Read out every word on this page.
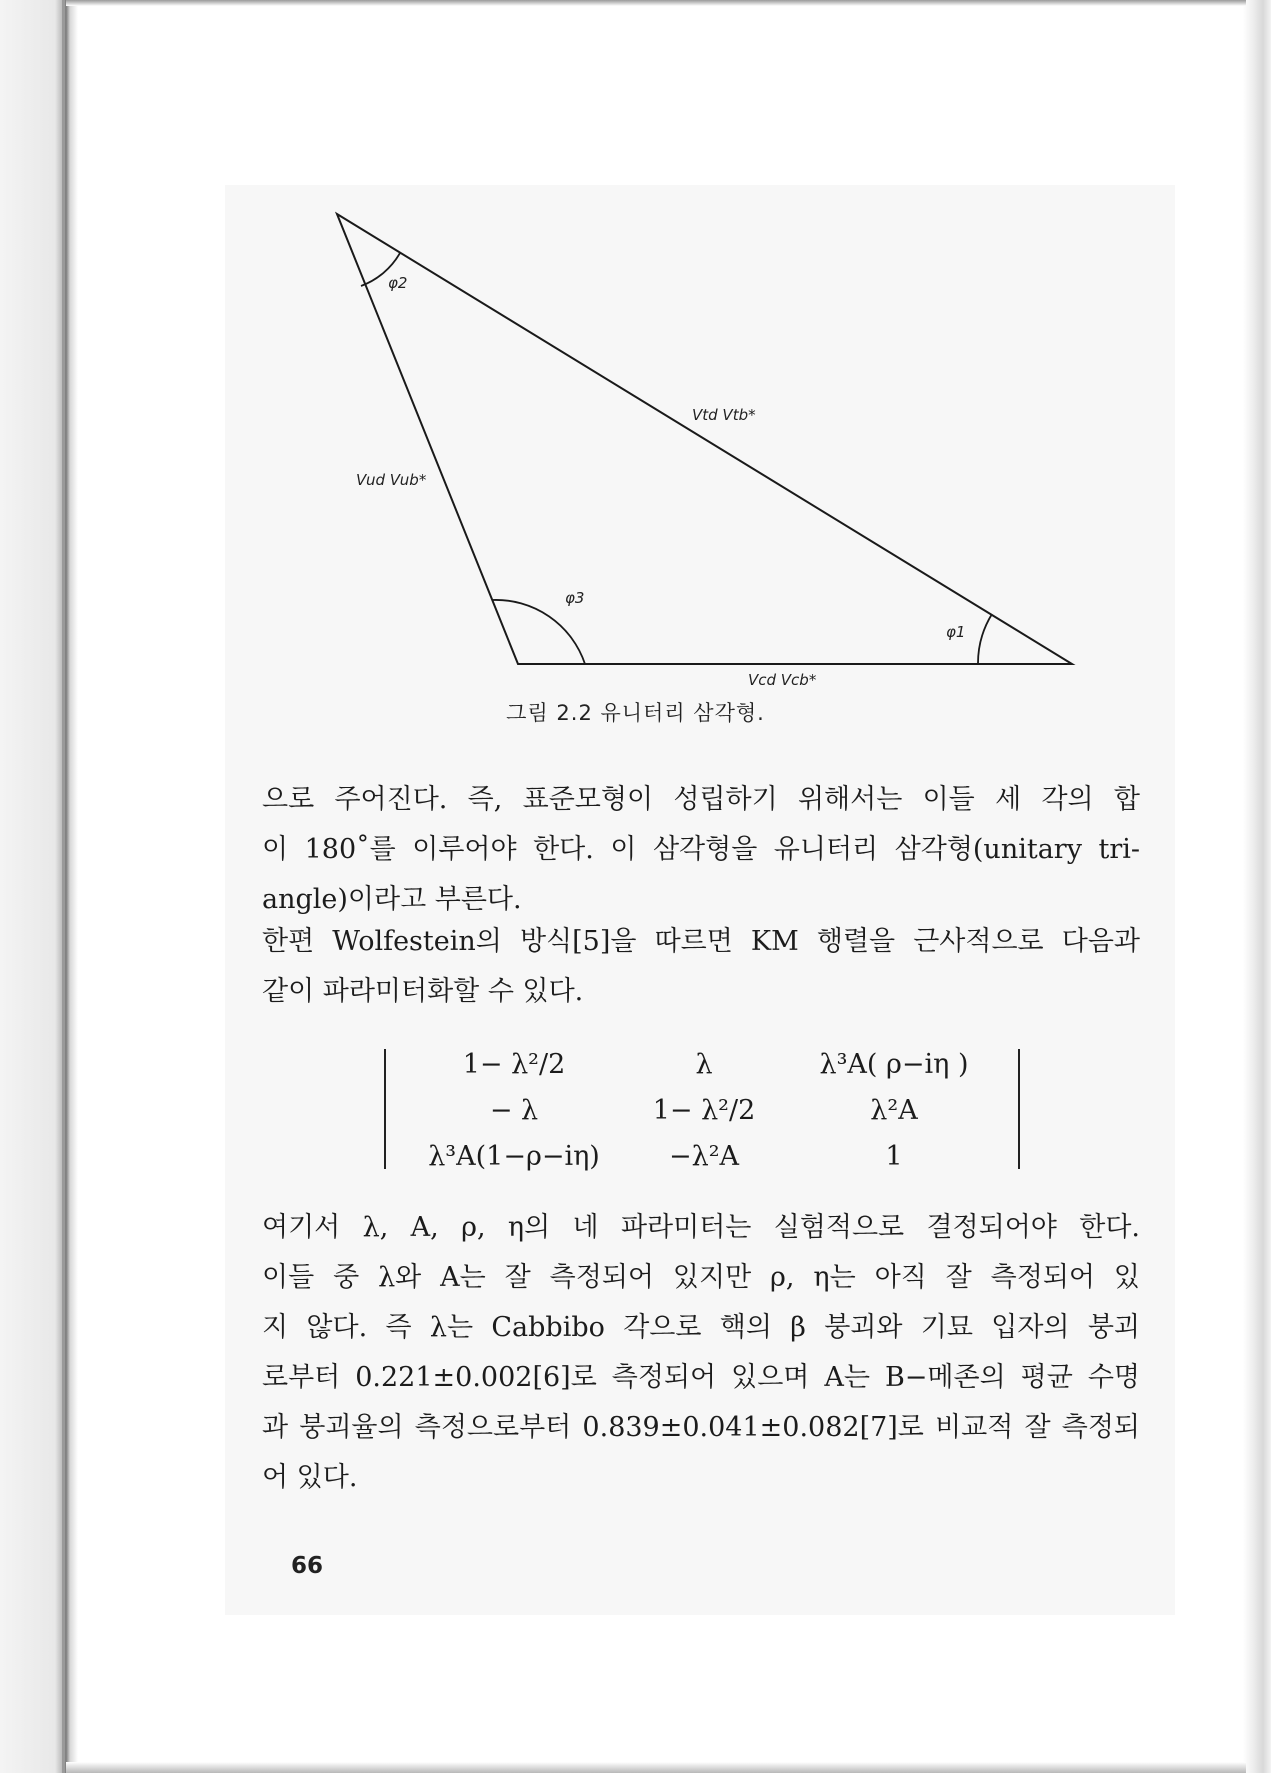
φ2
φ3
φ1
Vtd Vtb*
Vud Vub*
Vcd Vcb*
그림 2.2 유니터리 삼각형.
으로 주어진다. 즉, 표준모형이 성립하기 위해서는 이들 세 각의 합
이 180˚를 이루어야 한다. 이 삼각형을 유니터리 삼각형(unitary tri-
angle)이라고 부른다.
한편 Wolfestein의 방식[5]을 따르면 KM 행렬을 근사적으로 다음과
같이 파라미터화할 수 있다.
1− λ²/2	λ	λ³A( ρ−iη )
− λ	1− λ²/2	λ²A
λ³A(1−ρ−iη)	−λ²A	1
여기서 λ, A, ρ, η의 네 파라미터는 실험적으로 결정되어야 한다.
이들 중 λ와 A는 잘 측정되어 있지만 ρ, η는 아직 잘 측정되어 있
지 않다. 즉 λ는 Cabbibo 각으로 핵의 β 붕괴와 기묘 입자의 붕괴
로부터 0.221±0.002[6]로 측정되어 있으며 A는 B−메존의 평균 수명
과 붕괴율의 측정으로부터 0.839±0.041±0.082[7]로 비교적 잘 측정되
어 있다.
66
